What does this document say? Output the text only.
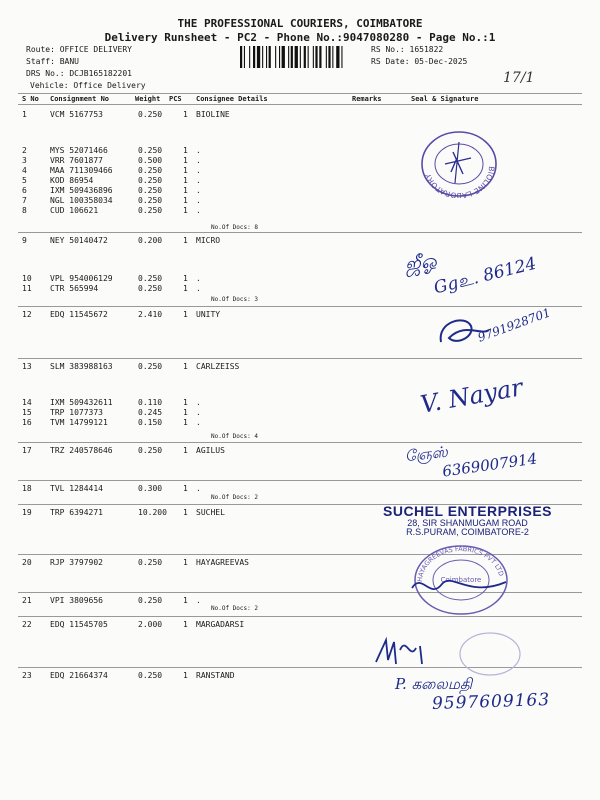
THE PROFESSIONAL COURIERS, COIMBATORE
Delivery Runsheet - PC2 - Phone No.:9047080280 - Page No.:1
Route: OFFICE DELIVERY
Staff: BANU
DRS No.: DCJB165182201
Vehicle: Office Delivery
RS No.: 1651822
RS Date: 05-Dec-2025
17/1
S No Consignment No	Weight PCS Consignee Details	Remarks	Seal & Signature
1	VCM 5167753	0.250	1 BIOLINE
2	MYS 52071466	0.250	1 .
3	VRR 7601877	0.500	1 .
4	MAA 711309466	0.250	1 .
5	KOD 86954	0.250	1 .
6	IXM 509436896	0.250	1 .
7	NGL 100358034	0.250	1 .
8	CUD 106621	0.250	1 .
9	NEY 50140472	0.200	1 MICRO
10 VPL 954006129	0.250	1 .
11 CTR 565994	0.250	1 .
12 EDQ 11545672	2.410	1 UNITY
13 SLM 383988163	0.250	1 CARLZEISS
14 IXM 509432611	0.110	1 .
15 TRP 1077373	0.245	1 .
16 TVM 14799121	0.150	1 .
17 TRZ 240578646	0.250	1 AGILUS
18 TVL 1284414	0.300	1 .
19 TRP 6394271	10.200 1 SUCHEL
20 RJP 3797902	0.250	1 HAYAGREEVAS
21 VPI 3809656	0.250	1 .
22 EDQ 11545705	2.000	1 MARGADARSI
23 EDQ 21664374	0.250	1 RANSTAND
No.Of Docs: 8
No.Of Docs: 3
No.Of Docs: 4
No.Of Docs: 2
No.Of Docs: 2
BIOLINE LABORATORY
ஜீஓ
Ggஉ. 86124
9791928701
V. Nayar
ஞேஸ்
6369007914
SUCHEL ENTERPRISES
28, SIR SHANMUGAM ROAD
R.S.PURAM, COIMBATORE-2
HAYAGREEVAS FABRICS PVT LTD
Coimbatore
P. கலைமதி
9597609163
